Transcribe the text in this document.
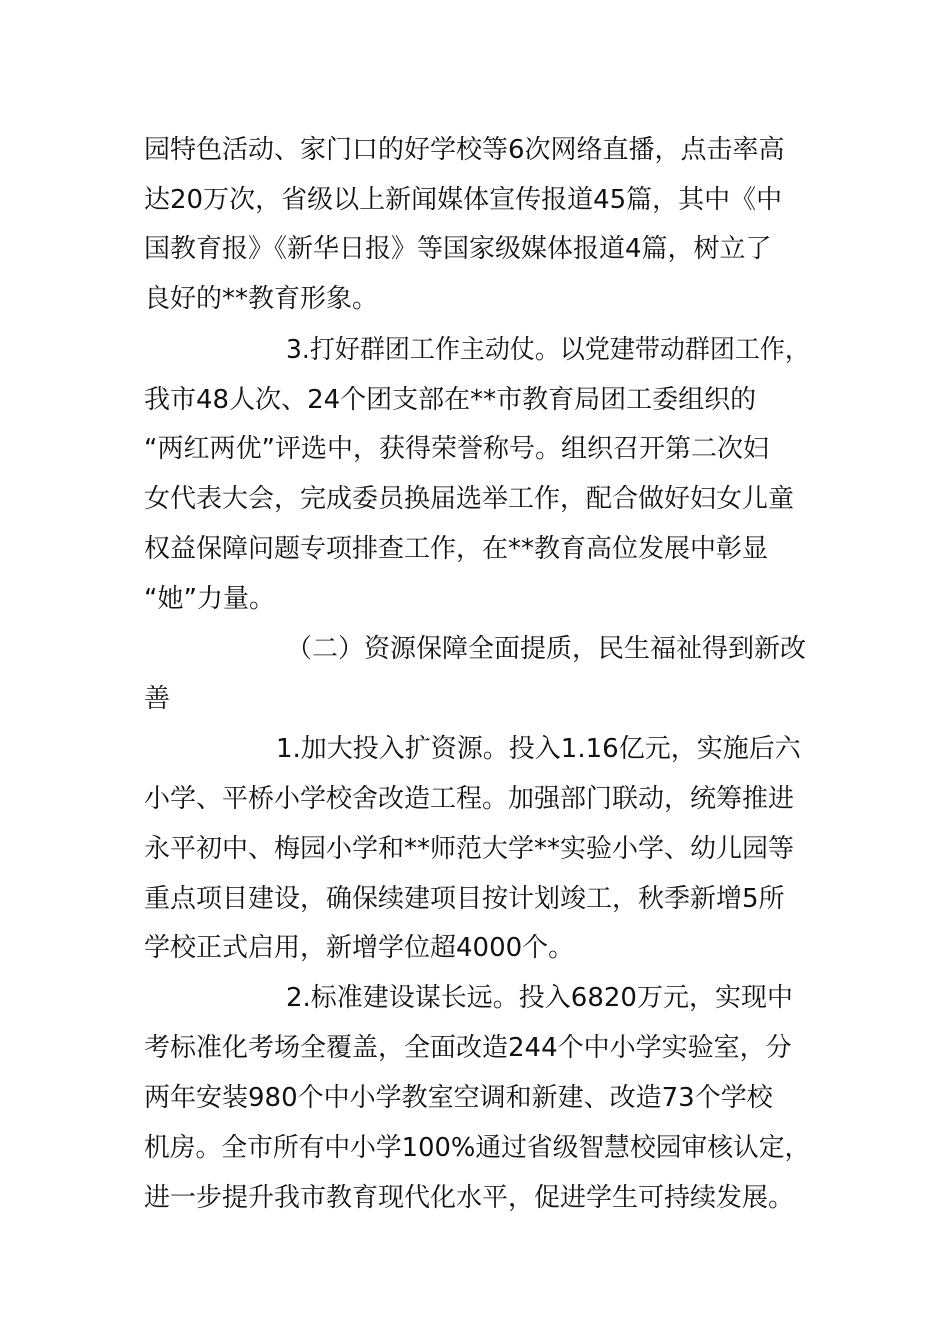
园特色活动、家门口的好学校等6次网络直播，点击率高
达20万次，省级以上新闻媒体宣传报道45篇，其中《中
国教育报》《新华日报》等国家级媒体报道4篇，树立了
良好的**教育形象。
3.打好群团工作主动仗。以党建带动群团工作，
我市48人次、24个团支部在**市教育局团工委组织的
“两红两优”评选中，获得荣誉称号。组织召开第二次妇
女代表大会，完成委员换届选举工作，配合做好妇女儿童
权益保障问题专项排查工作，在**教育高位发展中彰显
“她”力量。
（二）资源保障全面提质，民生福祉得到新改
善
1.加大投入扩资源。投入1.16亿元，实施后六
小学、平桥小学校舍改造工程。加强部门联动，统筹推进
永平初中、梅园小学和**师范大学**实验小学、幼儿园等
重点项目建设，确保续建项目按计划竣工，秋季新增5所
学校正式启用，新增学位超4000个。
2.标准建设谋长远。投入6820万元，实现中
考标准化考场全覆盖，全面改造244个中小学实验室，分
两年安装980个中小学教室空调和新建、改造73个学校
机房。全市所有中小学100%通过省级智慧校园审核认定，
进一步提升我市教育现代化水平，促进学生可持续发展。
